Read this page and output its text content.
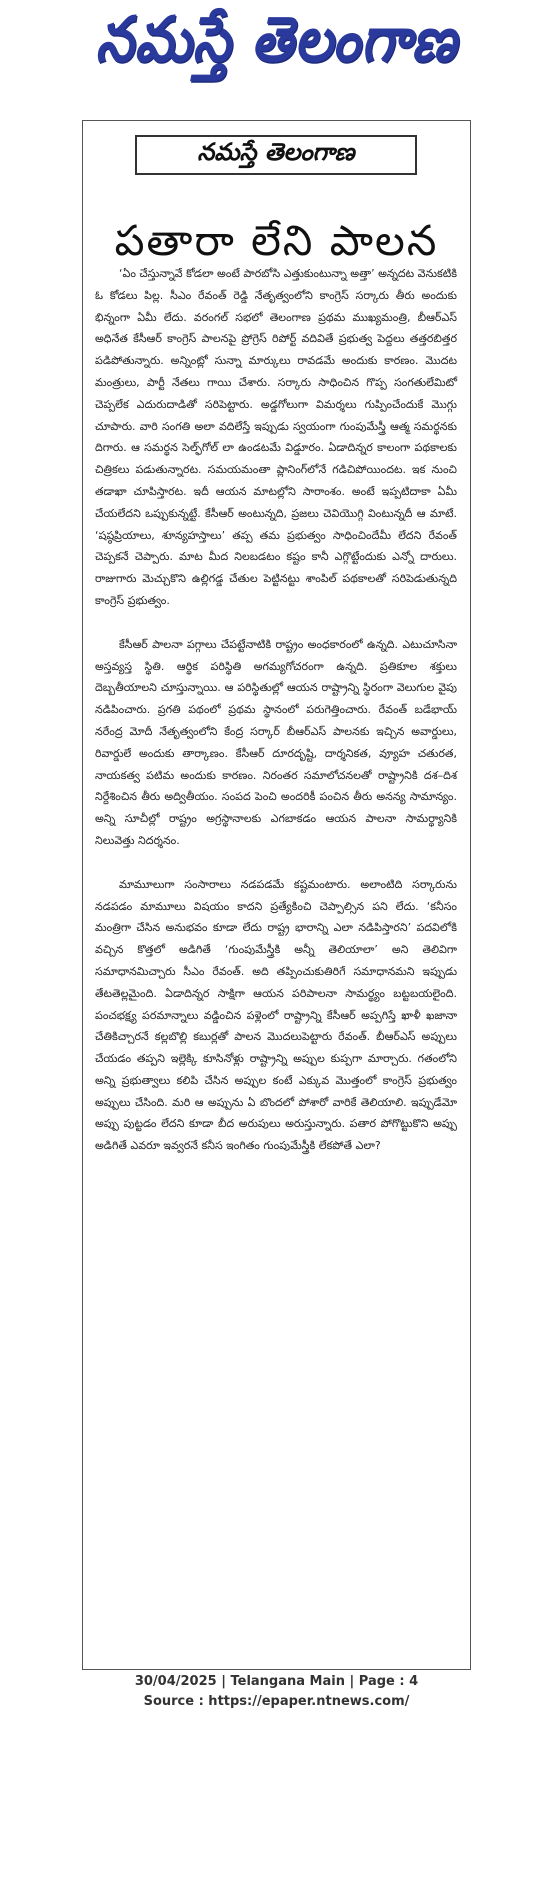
నమస్తే తెలంగాణ
నమస్తే తెలంగాణ
పతారా లేని పాలన

‘ఏం చేస్తున్నావే కోడలా అంటే పారబోసి ఎత్తుకుంటున్నా అత్తా’ అన్నదట వెనుకటికి ఓ కోడలు పిల్ల. సీఎం రేవంత్ రెడ్డి నేతృత్వంలోని కాంగ్రెస్ సర్కారు తీరు అందుకు భిన్నంగా ఏమీ లేదు. వరంగల్ సభలో తెలంగాణ ప్రథమ ముఖ్యమంత్రి, బీఆర్ఎస్ అధినేత కేసీఆర్ కాంగ్రెస్ పాలనపై ప్రోగ్రెస్ రిపోర్ట్ వదివితే ప్రభుత్వ పెద్దలు తత్తరబిత్తర పడిపోతున్నారు. అన్నింట్లో సున్నా మార్కులు రావడమే అందుకు కారణం. మొదట మంత్రులు, పార్టీ నేతలు గాయి చేశారు. సర్కారు సాధించిన గొప్ప సంగతులేమిటో చెప్పలేక ఎదురుదాడితో సరిపెట్టారు. అడ్డగోలుగా విమర్శలు గుప్పించేందుకే మొగ్గు చూపారు. వారి సంగతి అలా వదిలేస్తే ఇప్పుడు స్వయంగా గుంపుమేస్త్రీ ఆత్మ సమర్థనకు దిగారు. ఆ సమర్థన సెల్ఫ్‌గోల్ లా ఉండటమే విడ్డూరం. ఏడాదిన్నర కాలంగా పథకాలకు చిత్రికలు పడుతున్నారట. సమయమంతా ప్లానింగ్‌లోనే గడిచిపోయిందట. ఇక నుంచి తడాఖా చూపిస్తారట. ఇదీ ఆయన మాటల్లోని సారాంశం. అంటే ఇప్పటిదాకా ఏమీ చేయలేదని ఒప్పుకున్నట్టే. కేసీఆర్ అంటున్నది, ప్రజలు చెవియొగ్గి వింటున్నదీ ఆ మాటే. ‘షష్ఠప్రియాలు, శూన్యహస్తాలు’ తప్ప తమ ప్రభుత్వం సాధించిందేమీ లేదని రేవంత్ చెప్పకనే చెప్పారు. మాట మీద నిలబడటం కష్టం కానీ ఎగ్గొట్టేందుకు ఎన్నో దారులు. రాజుగారు మెచ్చుకొని ఉల్లిగడ్డ చేతుల పెట్టినట్టు శాంపిల్ పథకాలతో సరిపెడుతున్నది కాంగ్రెస్ ప్రభుత్వం.

కేసీఆర్ పాలనా పగ్గాలు చేపట్టేనాటికి రాష్ట్రం అంధకారంలో ఉన్నది. ఎటుచూసినా అస్తవ్యస్త స్థితి. ఆర్థిక పరిస్థితి అగమ్యగోచరంగా ఉన్నది. ప్రతికూల శక్తులు దెబ్బతీయాలని చూస్తున్నాయి. ఆ పరిస్థితుల్లో ఆయన రాష్ట్రాన్ని స్థిరంగా వెలుగుల వైపు నడిపించారు. ప్రగతి పథంలో ప్రథమ స్థానంలో పరుగెత్తించారు. రేవంత్ బడేభాయ్ నరేంద్ర మోదీ నేతృత్వంలోని కేంద్ర సర్కార్ బీఆర్ఎస్ పాలనకు ఇచ్చిన అవార్డులు, రివార్డులే అందుకు తార్కాణం. కేసీఆర్ దూరదృష్టి, దార్శనికత, వ్యూహ చతురత, నాయకత్వ పటిమ అందుకు కారణం. నిరంతర సమాలోచనలతో రాష్ట్రానికి దశ–దిశ నిర్దేశించిన తీరు అద్వితీయం. సంపద పెంచి అందరికీ పంచిన తీరు అనన్య సామాన్యం. అన్ని సూచీల్లో రాష్ట్రం అగ్రస్థానాలకు ఎగబాకడం ఆయన పాలనా సామర్థ్యానికి నిలువెత్తు నిదర్శనం.

మామూలుగా సంసారాలు నడపడమే కష్టమంటారు. అలాంటిది సర్కారును నడపడం మామూలు విషయం కాదని ప్రత్యేకించి చెప్పాల్సిన పని లేదు. ‘కనీసం మంత్రిగా చేసిన అనుభవం కూడా లేదు రాష్ట్ర భారాన్ని ఎలా నడిపిస్తారని’ పదవిలోకి వచ్చిన కొత్తలో అడిగితే ‘గుంపుమేస్త్రీకి అన్నీ తెలియాలా’ అని తెలివిగా సమాధానమిచ్చారు సీఎం రేవంత్. అది తప్పించుకుతిరిగే సమాధానమని ఇప్పుడు తేటతెల్లమైంది. ఏడాదిన్నర సాక్షిగా ఆయన పరిపాలనా సామర్థ్యం బట్టబయలైంది. పంచభక్ష్య పరమాన్నాలు వడ్డించిన పళ్లెంలో రాష్ట్రాన్ని కేసీఆర్ అప్పగిస్తే ఖాళీ ఖజానా చేతికిచ్చారనే కల్లబొల్లి కబుర్లతో పాలన మొదలుపెట్టారు రేవంత్. బీఆర్ఎస్ అప్పులు చేయడం తప్పని ఇల్లెక్కి కూసినోళ్లు రాష్ట్రాన్ని అప్పుల కుప్పగా మార్చారు. గతంలోని అన్ని ప్రభుత్వాలు కలిపి చేసిన అప్పుల కంటే ఎక్కువ మొత్తంలో కాంగ్రెస్ ప్రభుత్వం అప్పులు చేసింది. మరి ఆ అప్పును ఏ బొందలో పోశారో వారికే తెలియాలి. ఇప్పుడేమో అప్పు పుట్టడం లేదని కూడా బీద అరుపులు అరుస్తున్నారు. పతార పోగొట్టుకొని అప్పు అడిగితే ఎవరూ ఇవ్వరనే కనీస ఇంగితం గుంపుమేస్త్రీకి లేకపోతే ఎలా?

30/04/2025 | Telangana Main | Page : 4
Source : https://epaper.ntnews.com/
